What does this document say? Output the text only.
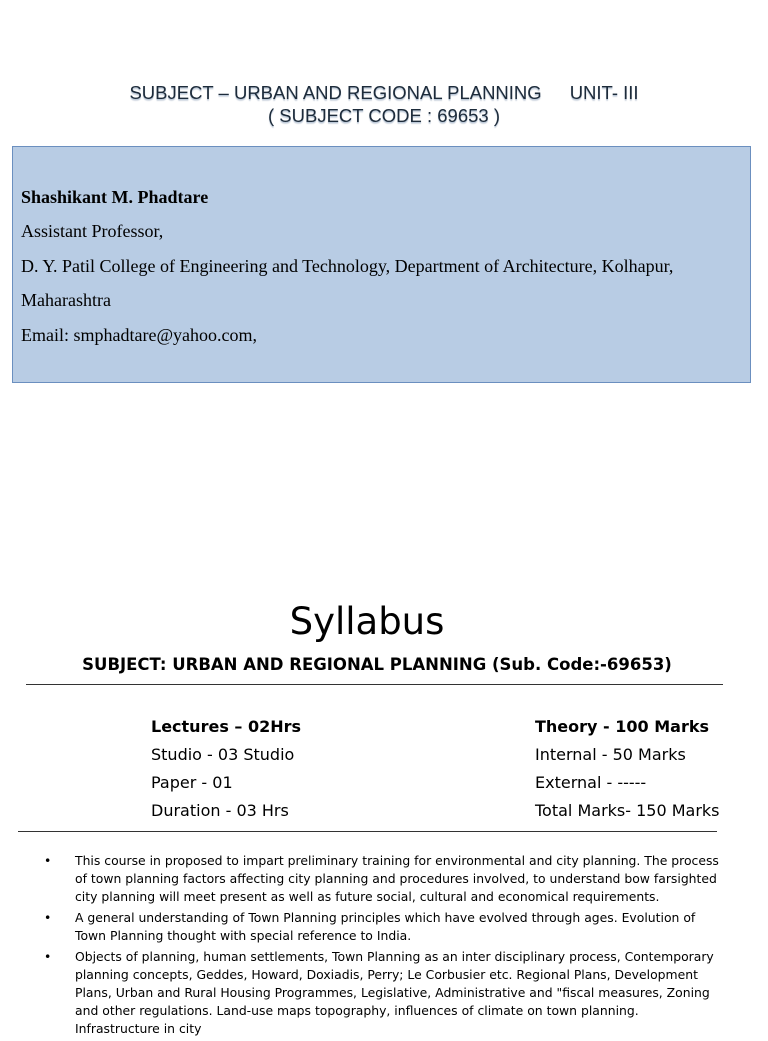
SUBJECT – URBAN AND REGIONAL PLANNING UNIT- III
( SUBJECT CODE : 69653 )
Shashikant M. Phadtare
Assistant Professor,
D. Y. Patil College of Engineering and Technology, Department of Architecture, Kolhapur,
Maharashtra
Email: smphadtare@yahoo.com,
Syllabus
SUBJECT: URBAN AND REGIONAL PLANNING (Sub. Code:-69653)
Lectures – 02Hrs
Studio - 03 Studio
Paper - 01
Duration - 03 Hrs
Theory - 100 Marks
Internal - 50 Marks
External - -----
Total Marks- 150 Marks
• This course in proposed to impart preliminary training for environmental and city planning. The process of town planning factors affecting city planning and procedures involved, to understand bow farsighted city planning will meet present as well as future social, cultural and economical requirements.
• A general understanding of Town Planning principles which have evolved through ages. Evolution of Town Planning thought with special reference to India.
• Objects of planning, human settlements, Town Planning as an inter disciplinary process, Contemporary planning concepts, Geddes, Howard, Doxiadis, Perry; Le Corbusier etc. Regional Plans, Development Plans, Urban and Rural Housing Programmes, Legislative, Administrative and "fiscal measures, Zoning and other regulations. Land-use maps topography, influences of climate on town planning. Infrastructure in city
